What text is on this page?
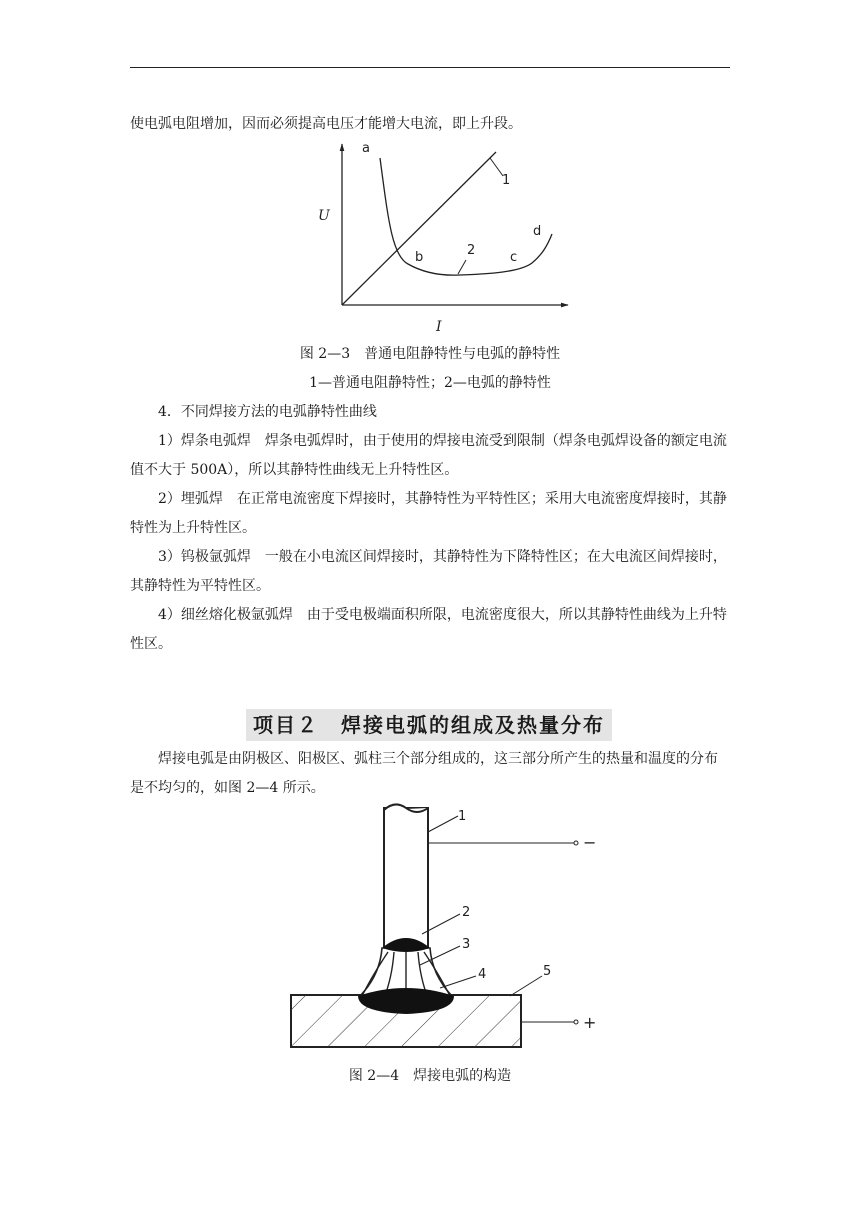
使电弧电阻增加，因而必须提高电压才能增大电流，即上升段。

a
1
U
d
2
b	c
I

图 2—3　普通电阻静特性与电弧的静特性

1—普通电阻静特性；2—电弧的静特性

4．不同焊接方法的电弧静特性曲线

1）焊条电弧焊　焊条电弧焊时，由于使用的焊接电流受到限制（焊条电弧焊设备的额定电流值不大于 500A），所以其静特性曲线无上升特性区。

2）埋弧焊　在正常电流密度下焊接时，其静特性为平特性区；采用大电流密度焊接时，其静特性为上升特性区。

3）钨极氩弧焊　一般在小电流区间焊接时，其静特性为下降特性区；在大电流区间焊接时，其静特性为平特性区。

4）细丝熔化极氩弧焊　由于受电极端面积所限，电流密度很大，所以其静特性曲线为上升特性区。

项目２　焊接电弧的组成及热量分布

焊接电弧是由阴极区、阳极区、弧柱三个部分组成的，这三部分所产生的热量和温度的分布是不均匀的，如图 2—4 所示。

1
2
3
4	5
−
+

图 2—4　焊接电弧的构造
